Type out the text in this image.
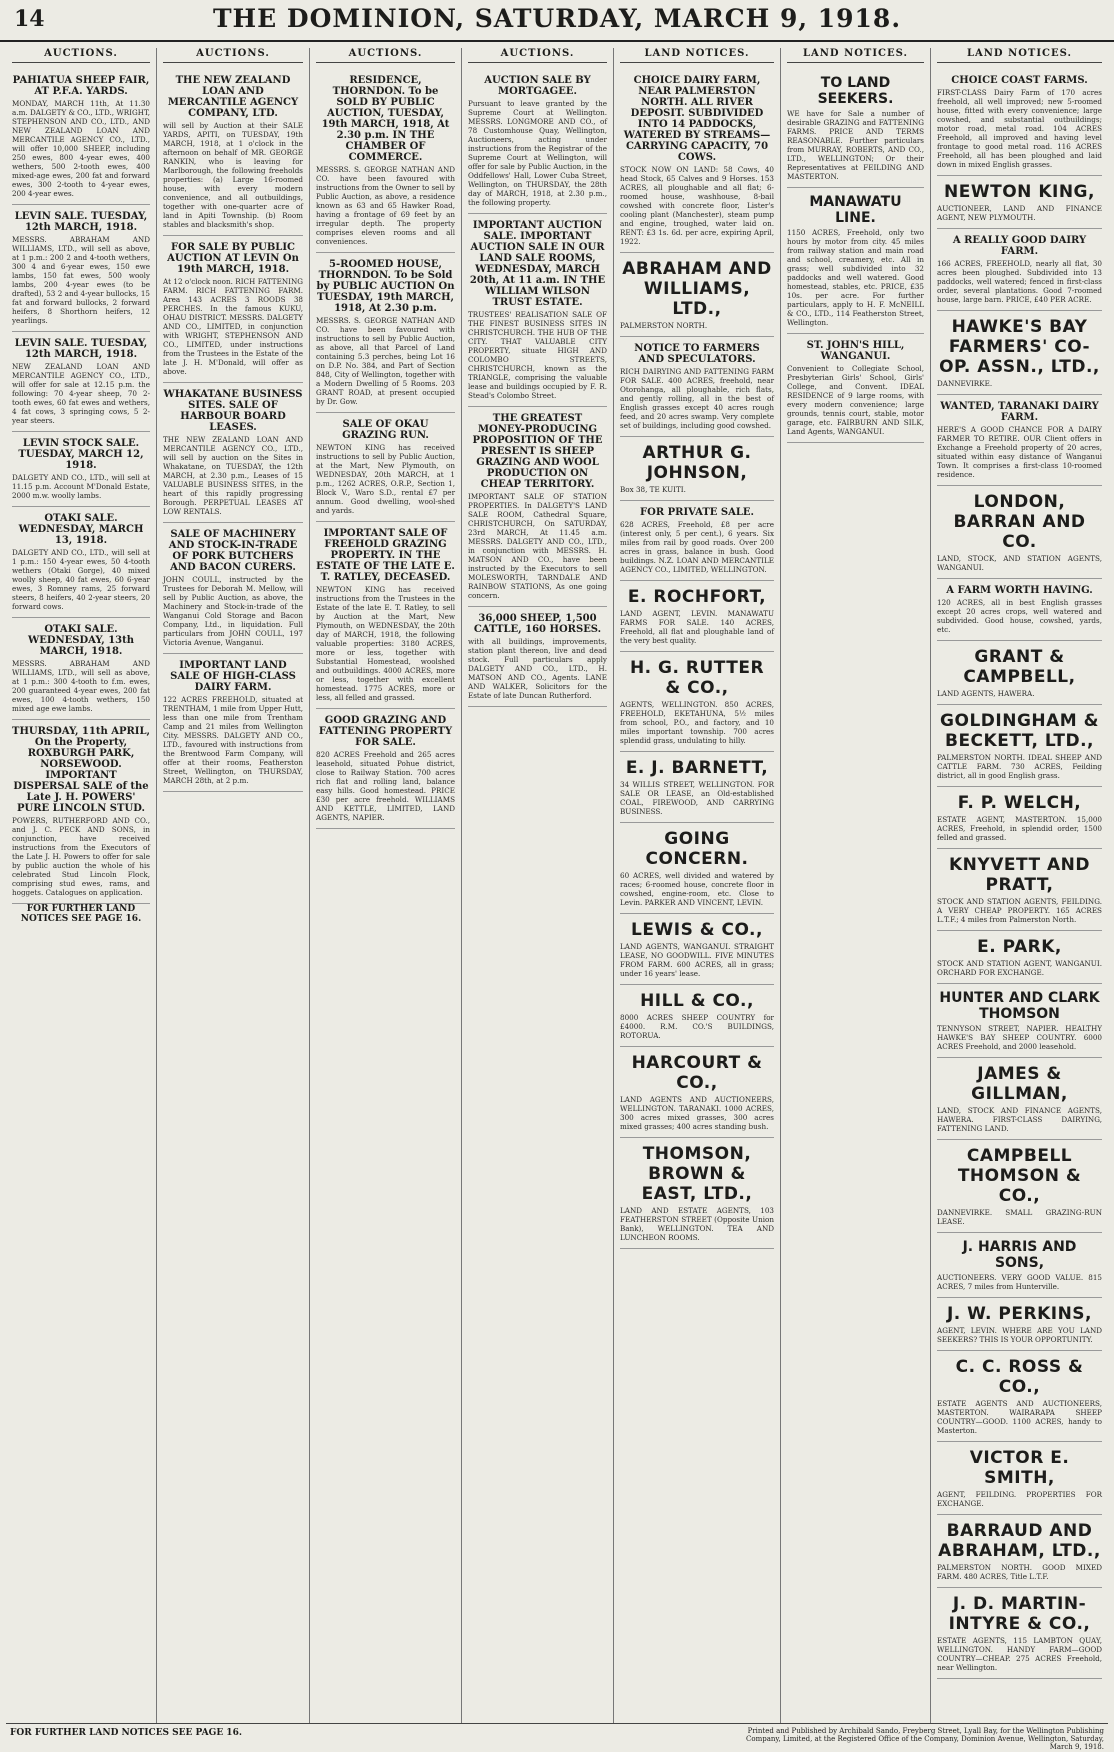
14	THE DOMINION, SATURDAY, MARCH 9, 1918.
AUCTIONS.
PAHIATUA SHEEP FAIR, AT P.F.A. YARDS.

MONDAY, MARCH 11th, At 11.30 a.m. DALGETY & CO., LTD., WRIGHT, STEPHENSON AND CO., LTD., AND NEW ZEALAND LOAN AND MERCANTILE AGENCY CO., LTD., will offer 10,000 SHEEP, including 250 ewes, 800 4-year ewes, 400 wethers, 500 2-tooth ewes, 400 mixed-age ewes, 200 fat and forward ewes, 300 2-tooth to 4-year ewes, 200 4-year ewes.

LEVIN SALE. TUESDAY, 12th MARCH, 1918.

MESSRS. ABRAHAM AND WILLIAMS, LTD., will sell as above, at 1 p.m.: 200 2 and 4-tooth wethers, 300 4 and 6-year ewes, 150 ewe lambs, 150 fat ewes, 500 wooly lambs, 200 4-year ewes (to be drafted), 53 2 and 4-year bullocks, 15 fat and forward bullocks, 2 forward heifers, 8 Shorthorn heifers, 12 yearlings.

LEVIN SALE. TUESDAY, 12th MARCH, 1918.

NEW ZEALAND LOAN AND MERCANTILE AGENCY CO., LTD., will offer for sale at 12.15 p.m. the following: 70 4-year sheep, 70 2-tooth ewes, 60 fat ewes and wethers, 4 fat cows, 3 springing cows, 5 2-year steers.

LEVIN STOCK SALE. TUESDAY, MARCH 12, 1918.

DALGETY AND CO., LTD., will sell at 11.15 p.m. Account M'Donald Estate, 2000 m.w. woolly lambs.

OTAKI SALE. WEDNESDAY, MARCH 13, 1918.

DALGETY AND CO., LTD., will sell at 1 p.m.: 150 4-year ewes, 50 4-tooth wethers (Otaki Gorge), 40 mixed woolly sheep, 40 fat ewes, 60 6-year ewes, 3 Romney rams, 25 forward steers, 8 heifers, 40 2-year steers, 20 forward cows.

OTAKI SALE. WEDNESDAY, 13th MARCH, 1918.

MESSRS. ABRAHAM AND WILLIAMS, LTD., will sell as above, at 1 p.m.: 300 4-tooth to f.m. ewes, 200 guaranteed 4-year ewes, 200 fat ewes, 100 4-tooth wethers, 150 mixed age ewe lambs.

THURSDAY, 11th APRIL, On the Property, ROXBURGH PARK, NORSEWOOD. IMPORTANT DISPERSAL SALE of the Late J. H. POWERS' PURE LINCOLN STUD.

POWERS, RUTHERFORD AND CO., and J. C. PECK AND SONS, in conjunction, have received instructions from the Executors of the Late J. H. Powers to offer for sale by public auction the whole of his celebrated Stud Lincoln Flock, comprising stud ewes, rams, and hoggets. Catalogues on application.

FOR FURTHER LAND NOTICES SEE PAGE 16.
AUCTIONS.
THE NEW ZEALAND LOAN AND MERCANTILE AGENCY COMPANY, LTD.

will sell by Auction at their SALE YARDS, APITI, on TUESDAY, 19th MARCH, 1918, at 1 o'clock in the afternoon on behalf of MR. GEORGE RANKIN, who is leaving for Marlborough, the following freeholds properties: (a) Large 16-roomed house, with every modern convenience, and all outbuildings, together with one-quarter acre of land in Apiti Township. (b) Room stables and blacksmith's shop.

FOR SALE BY PUBLIC AUCTION AT LEVIN On 19th MARCH, 1918.

At 12 o'clock noon. RICH FATTENING FARM. RICH FATTENING FARM. Area 143 ACRES 3 ROODS 38 PERCHES. In the famous KUKU, OHAU DISTRICT. MESSRS. DALGETY AND CO., LIMITED, in conjunction with WRIGHT, STEPHENSON AND CO., LIMITED, under instructions from the Trustees in the Estate of the late J. H. M'Donald, will offer as above.

WHAKATANE BUSINESS SITES. SALE OF HARBOUR BOARD LEASES.

THE NEW ZEALAND LOAN AND MERCANTILE AGENCY CO., LTD., will sell by auction on the Sites in Whakatane, on TUESDAY, the 12th MARCH, at 2.30 p.m., Leases of 15 VALUABLE BUSINESS SITES, in the heart of this rapidly progressing Borough. PERPETUAL LEASES AT LOW RENTALS.

SALE OF MACHINERY AND STOCK-IN-TRADE OF PORK BUTCHERS AND BACON CURERS.

JOHN COULL, instructed by the Trustees for Deborah M. Mellow, will sell by Public Auction, as above, the Machinery and Stock-in-trade of the Wanganui Cold Storage and Bacon Company, Ltd., in liquidation. Full particulars from JOHN COULL, 197 Victoria Avenue, Wanganui.

IMPORTANT LAND SALE OF HIGH-CLASS DAIRY FARM.

122 ACRES FREEHOLD, situated at TRENTHAM, 1 mile from Upper Hutt, less than one mile from Trentham Camp and 21 miles from Wellington City. MESSRS. DALGETY AND CO., LTD., favoured with instructions from the Brentwood Farm Company, will offer at their rooms, Featherston Street, Wellington, on THURSDAY, MARCH 28th, at 2 p.m.

AUCTIONS.
RESIDENCE, THORNDON. To be SOLD BY PUBLIC AUCTION, TUESDAY, 19th MARCH, 1918, At 2.30 p.m. IN THE CHAMBER OF COMMERCE.

MESSRS. S. GEORGE NATHAN AND CO. have been favoured with instructions from the Owner to sell by Public Auction, as above, a residence known as 63 and 65 Hawker Road, having a frontage of 69 feet by an irregular depth. The property comprises eleven rooms and all conveniences.

5-ROOMED HOUSE, THORNDON. To be Sold by PUBLIC AUCTION On TUESDAY, 19th MARCH, 1918, At 2.30 p.m.

MESSRS. S. GEORGE NATHAN AND CO. have been favoured with instructions to sell by Public Auction, as above, all that Parcel of Land containing 5.3 perches, being Lot 16 on D.P. No. 384, and Part of Section 848, City of Wellington, together with a Modern Dwelling of 5 Rooms. 203 GRANT ROAD, at present occupied by Dr. Gow.

SALE OF OKAU GRAZING RUN.

NEWTON KING has received instructions to sell by Public Auction, at the Mart, New Plymouth, on WEDNESDAY, 20th MARCH, at 1 p.m., 1262 ACRES, O.R.P., Section 1, Block V., Waro S.D., rental £7 per annum. Good dwelling, wool-shed and yards.

IMPORTANT SALE OF FREEHOLD GRAZING PROPERTY. IN THE ESTATE OF THE LATE E. T. RATLEY, DECEASED.

NEWTON KING has received instructions from the Trustees in the Estate of the late E. T. Ratley, to sell by Auction at the Mart, New Plymouth, on WEDNESDAY, the 20th day of MARCH, 1918, the following valuable properties: 3180 ACRES, more or less, together with Substantial Homestead, woolshed and outbuildings. 4000 ACRES, more or less, together with excellent homestead. 1775 ACRES, more or less, all felled and grassed.

GOOD GRAZING AND FATTENING PROPERTY FOR SALE.

820 ACRES Freehold and 265 acres leasehold, situated Pohue district, close to Railway Station. 700 acres rich flat and rolling land, balance easy hills. Good homestead. PRICE £30 per acre freehold. WILLIAMS AND KETTLE, LIMITED, LAND AGENTS, NAPIER.

AUCTIONS.
AUCTION SALE BY MORTGAGEE.

Pursuant to leave granted by the Supreme Court at Wellington. MESSRS. LONGMORE AND CO., of 78 Customhouse Quay, Wellington, Auctioneers, acting under instructions from the Registrar of the Supreme Court at Wellington, will offer for sale by Public Auction, in the Oddfellows' Hall, Lower Cuba Street, Wellington, on THURSDAY, the 28th day of MARCH, 1918, at 2.30 p.m., the following property.

IMPORTANT AUCTION SALE. IMPORTANT AUCTION SALE IN OUR LAND SALE ROOMS, WEDNESDAY, MARCH 20th, At 11 a.m. IN THE WILLIAM WILSON TRUST ESTATE.

TRUSTEES' REALISATION SALE OF THE FINEST BUSINESS SITES IN CHRISTCHURCH. THE HUB OF THE CITY. THAT VALUABLE CITY PROPERTY, situate HIGH AND COLOMBO STREETS, CHRISTCHURCH, known as the TRIANGLE, comprising the valuable lease and buildings occupied by F. R. Stead's Colombo Street.

THE GREATEST MONEY-PRODUCING PROPOSITION OF THE PRESENT IS SHEEP GRAZING AND WOOL PRODUCTION ON CHEAP TERRITORY.

IMPORTANT SALE OF STATION PROPERTIES. In DALGETY'S LAND SALE ROOM, Cathedral Square, CHRISTCHURCH, On SATURDAY, 23rd MARCH, At 11.45 a.m. MESSRS. DALGETY AND CO., LTD., in conjunction with MESSRS. H. MATSON AND CO., have been instructed by the Executors to sell MOLESWORTH, TARNDALE AND RAINBOW STATIONS, As one going concern.

36,000 SHEEP, 1,500 CATTLE, 160 HORSES.

with all buildings, improvements, station plant thereon, live and dead stock. Full particulars apply DALGETY AND CO., LTD., H. MATSON AND CO., Agents. LANE AND WALKER, Solicitors for the Estate of late Duncan Rutherford.

LAND NOTICES.
CHOICE DAIRY FARM, NEAR PALMERSTON NORTH. ALL RIVER DEPOSIT. SUBDIVIDED INTO 14 PADDOCKS, WATERED BY STREAMS—CARRYING CAPACITY, 70 COWS.

STOCK NOW ON LAND: 58 Cows, 40 head Stock, 65 Calves and 9 Horses. 153 ACRES, all ploughable and all flat; 6-roomed house, washhouse, 8-bail cowshed with concrete floor, Lister's cooling plant (Manchester), steam pump and engine, troughed, water laid on. RENT: £3 1s. 6d. per acre, expiring April, 1922.

ABRAHAM AND WILLIAMS, LTD.,

PALMERSTON NORTH.

NOTICE TO FARMERS AND SPECULATORS.

RICH DAIRYING AND FATTENING FARM FOR SALE. 400 ACRES, freehold, near Otorohanga, all ploughable, rich flats, and gently rolling, all in the best of English grasses except 40 acres rough feed, and 20 acres swamp. Very complete set of buildings, including good cowshed.

ARTHUR G. JOHNSON,

Box 38, TE KUITI.

FOR PRIVATE SALE.

628 ACRES, Freehold, £8 per acre (interest only, 5 per cent.), 6 years. Six miles from rail by good roads. Over 200 acres in grass, balance in bush. Good buildings. N.Z. LOAN AND MERCANTILE AGENCY CO., LIMITED, WELLINGTON.

E. ROCHFORT,

LAND AGENT, LEVIN. MANAWATU FARMS FOR SALE. 140 ACRES, Freehold, all flat and ploughable land of the very best quality.

H. G. RUTTER & CO.,

AGENTS, WELLINGTON. 850 ACRES, FREEHOLD, EKETAHUNA, 5½ miles from school, P.O., and factory, and 10 miles important township. 700 acres splendid grass, undulating to hilly.

E. J. BARNETT,

34 WILLIS STREET, WELLINGTON. FOR SALE OR LEASE, an Old-established COAL, FIREWOOD, AND CARRYING BUSINESS.

GOING CONCERN.

60 ACRES, well divided and watered by races; 6-roomed house, concrete floor in cowshed, engine-room, etc. Close to Levin. PARKER AND VINCENT, LEVIN.

LEWIS & CO.,

LAND AGENTS, WANGANUI. STRAIGHT LEASE, NO GOODWILL. FIVE MINUTES FROM FARM. 600 ACRES, all in grass; under 16 years' lease.

HILL & CO.,

8000 ACRES SHEEP COUNTRY for £4000. R.M. CO.'S BUILDINGS, ROTORUA.

HARCOURT & CO.,

LAND AGENTS AND AUCTIONEERS, WELLINGTON. TARANAKI. 1000 ACRES, 300 acres mixed grasses, 300 acres mixed grasses; 400 acres standing bush.

THOMSON, BROWN & EAST, LTD.,

LAND AND ESTATE AGENTS, 103 FEATHERSTON STREET (Opposite Union Bank), WELLINGTON. TEA AND LUNCHEON ROOMS.

LAND NOTICES.
TO LAND SEEKERS.

WE have for Sale a number of desirable GRAZING and FATTENING FARMS. PRICE AND TERMS REASONABLE. Further particulars from MURRAY, ROBERTS, AND CO., LTD., WELLINGTON; Or their Representatives at FEILDING AND MASTERTON.

MANAWATU LINE.

1150 ACRES, Freehold, only two hours by motor from city. 45 miles from railway station and main road and school, creamery, etc. All in grass; well subdivided into 32 paddocks and well watered. Good homestead, stables, etc. PRICE, £35 10s. per acre. For further particulars, apply to H. F. McNEILL & CO., LTD., 114 Featherston Street, Wellington.

ST. JOHN'S HILL, WANGANUI.

Convenient to Collegiate School, Presbyterian Girls' School, Girls' College, and Convent. IDEAL RESIDENCE of 9 large rooms, with every modern convenience; large grounds, tennis court, stable, motor garage, etc. FAIRBURN AND SILK, Land Agents, WANGANUI.

LAND NOTICES.
CHOICE COAST FARMS.

FIRST-CLASS Dairy Farm of 170 acres freehold, all well improved; new 5-roomed house, fitted with every convenience; large cowshed, and substantial outbuildings; motor road, metal road. 104 ACRES Freehold, all improved and having level frontage to good metal road. 116 ACRES Freehold, all has been ploughed and laid down in mixed English grasses.

NEWTON KING,

AUCTIONEER, LAND AND FINANCE AGENT, NEW PLYMOUTH.

A REALLY GOOD DAIRY FARM.

166 ACRES, FREEHOLD, nearly all flat, 30 acres been ploughed. Subdivided into 13 paddocks, well watered; fenced in first-class order, several plantations. Good 7-roomed house, large barn. PRICE, £40 PER ACRE.

HAWKE'S BAY FARMERS' CO-OP. ASSN., LTD.,

DANNEVIRKE.

WANTED, TARANAKI DAIRY FARM.

HERE'S A GOOD CHANCE FOR A DAIRY FARMER TO RETIRE. OUR Client offers in Exchange a Freehold property of 20 acres, situated within easy distance of Wanganui Town. It comprises a first-class 10-roomed residence.

LONDON, BARRAN AND CO.

LAND, STOCK, AND STATION AGENTS, WANGANUI.

A FARM WORTH HAVING.

120 ACRES, all in best English grasses except 20 acres crops, well watered and subdivided. Good house, cowshed, yards, etc.

GRANT & CAMPBELL,

LAND AGENTS, HAWERA.

GOLDINGHAM & BECKETT, LTD.,

PALMERSTON NORTH. IDEAL SHEEP AND CATTLE FARM. 730 ACRES, Feilding district, all in good English grass.

F. P. WELCH,

ESTATE AGENT, MASTERTON. 15,000 ACRES, Freehold, in splendid order, 1500 felled and grassed.

KNYVETT AND PRATT,

STOCK AND STATION AGENTS, FEILDING. A VERY CHEAP PROPERTY. 165 ACRES L.T.F.; 4 miles from Palmerston North.

E. PARK,

STOCK AND STATION AGENT, WANGANUI. ORCHARD FOR EXCHANGE.

HUNTER AND CLARK THOMSON

TENNYSON STREET, NAPIER. HEALTHY HAWKE'S BAY SHEEP COUNTRY. 6000 ACRES Freehold, and 2000 leasehold.

JAMES & GILLMAN,

LAND, STOCK AND FINANCE AGENTS, HAWERA. FIRST-CLASS DAIRYING, FATTENING LAND.

CAMPBELL THOMSON & CO.,

DANNEVIRKE. SMALL GRAZING-RUN LEASE.

J. HARRIS AND SONS,

AUCTIONEERS. VERY GOOD VALUE. 815 ACRES, 7 miles from Hunterville.

J. W. PERKINS,

AGENT, LEVIN. WHERE ARE YOU LAND SEEKERS? THIS IS YOUR OPPORTUNITY.

C. C. ROSS & CO.,

ESTATE AGENTS AND AUCTIONEERS, MASTERTON. WAIRARAPA SHEEP COUNTRY—GOOD. 1100 ACRES, handy to Masterton.

VICTOR E. SMITH,

AGENT, FEILDING. PROPERTIES FOR EXCHANGE.

BARRAUD AND ABRAHAM, LTD.,

PALMERSTON NORTH. GOOD MIXED FARM. 480 ACRES, Title L.T.F.

J. D. MARTIN-INTYRE & CO.,

ESTATE AGENTS, 115 LAMBTON QUAY, WELLINGTON. HANDY FARM—GOOD COUNTRY—CHEAP. 275 ACRES Freehold, near Wellington.

FOR FURTHER LAND NOTICES SEE PAGE 16.	Printed and Published by Archibald Sando, Freyberg Street, Lyall Bay, for the Wellington Publishing Company, Limited, at the Registered Office of the Company, Dominion Avenue, Wellington, Saturday, March 9, 1918.
